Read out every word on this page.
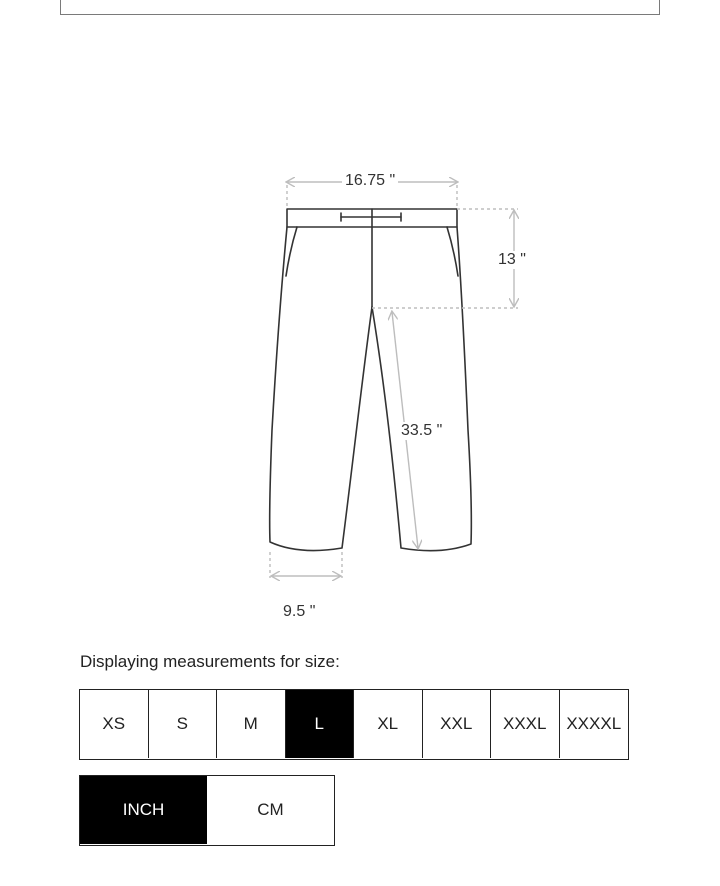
16.75 "
13 "
33.5 "
9.5 "
Displaying measurements for size:
XS	S	M	L	XL	XXL	XXXL	XXXXL
INCH	CM
